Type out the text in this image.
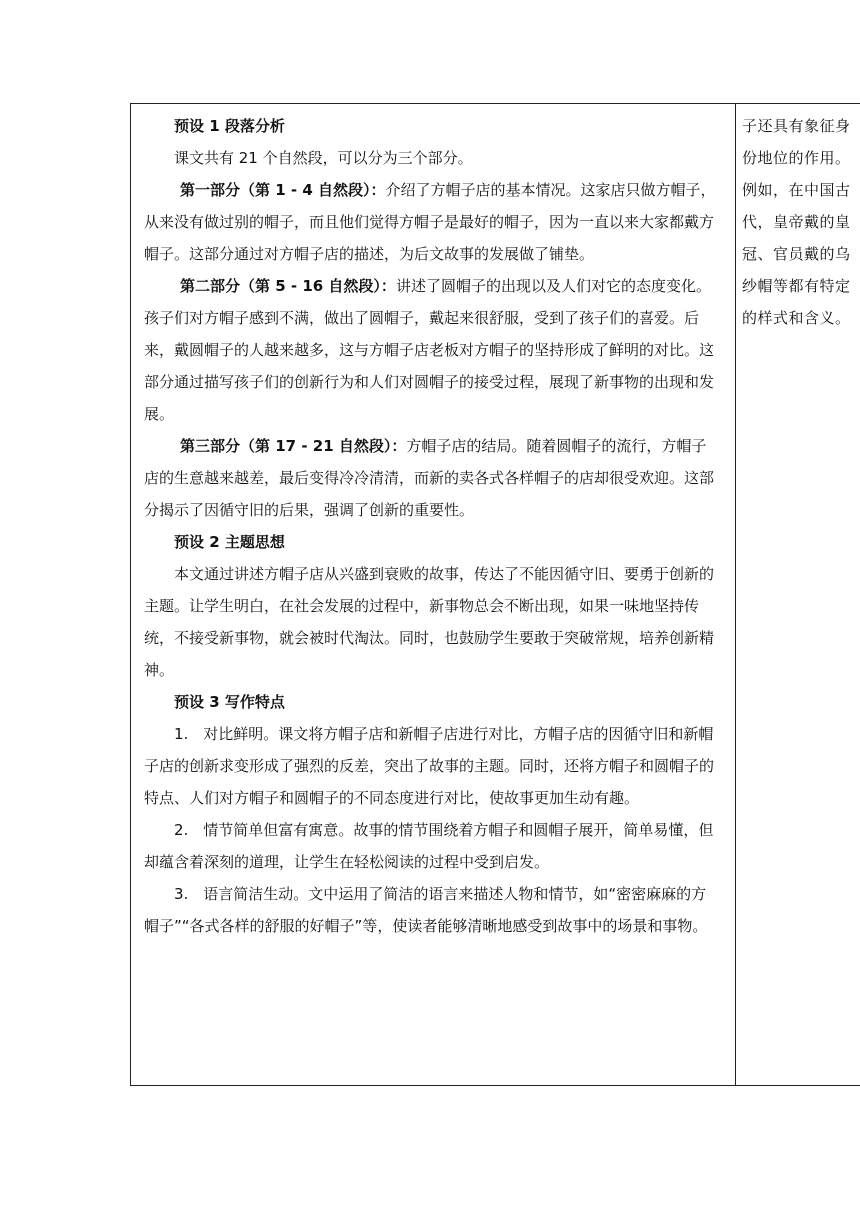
预设 1 段落分析

课文共有 21 个自然段，可以分为三个部分。

第一部分（第 1 - 4 自然段）：介绍了方帽子店的基本情况。这家店只做方帽子，从来没有做过别的帽子，而且他们觉得方帽子是最好的帽子，因为一直以来大家都戴方帽子。这部分通过对方帽子店的描述，为后文故事的发展做了铺垫。

第二部分（第 5 - 16 自然段）：讲述了圆帽子的出现以及人们对它的态度变化。孩子们对方帽子感到不满，做出了圆帽子，戴起来很舒服，受到了孩子们的喜爱。后来，戴圆帽子的人越来越多，这与方帽子店老板对方帽子的坚持形成了鲜明的对比。这部分通过描写孩子们的创新行为和人们对圆帽子的接受过程，展现了新事物的出现和发展。

第三部分（第 17 - 21 自然段）：方帽子店的结局。随着圆帽子的流行，方帽子店的生意越来越差，最后变得冷冷清清，而新的卖各式各样帽子的店却很受欢迎。这部分揭示了因循守旧的后果，强调了创新的重要性。

预设 2 主题思想

本文通过讲述方帽子店从兴盛到衰败的故事，传达了不能因循守旧、要勇于创新的主题。让学生明白，在社会发展的过程中，新事物总会不断出现，如果一味地坚持传统，不接受新事物，就会被时代淘汰。同时，也鼓励学生要敢于突破常规，培养创新精神。

预设 3 写作特点

1.　对比鲜明。课文将方帽子店和新帽子店进行对比，方帽子店的因循守旧和新帽子店的创新求变形成了强烈的反差，突出了故事的主题。同时，还将方帽子和圆帽子的特点、人们对方帽子和圆帽子的不同态度进行对比，使故事更加生动有趣。

2.　情节简单但富有寓意。故事的情节围绕着方帽子和圆帽子展开，简单易懂，但却蕴含着深刻的道理，让学生在轻松阅读的过程中受到启发。

3.　语言简洁生动。文中运用了简洁的语言来描述人物和情节，如“密密麻麻的方帽子”“各式各样的舒服的好帽子”等，使读者能够清晰地感受到故事中的场景和事物。

子还具有象征身份地位的作用。例如，在中国古代，皇帝戴的皇冠、官员戴的乌纱帽等都有特定的样式和含义。
